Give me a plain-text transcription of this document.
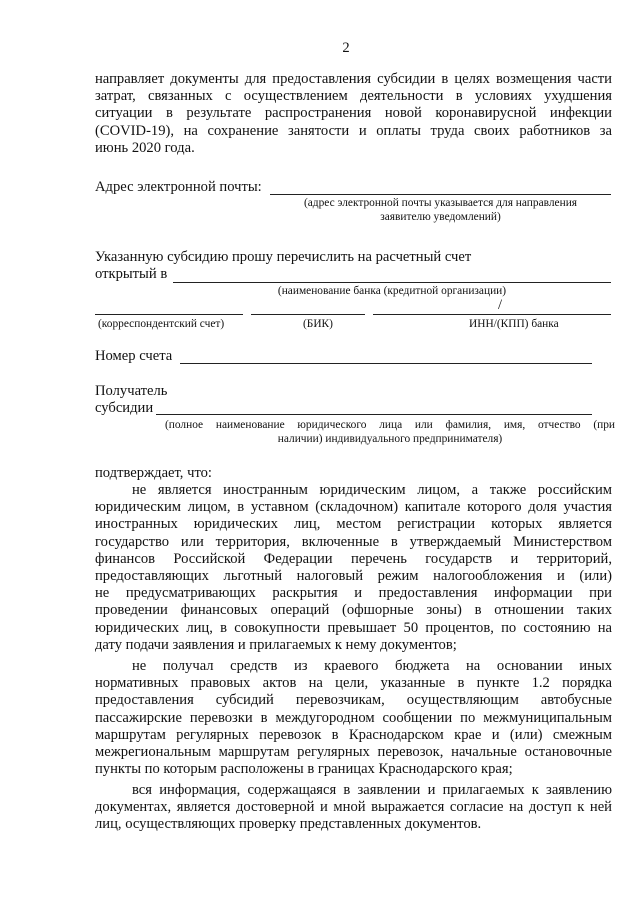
2
направляет документы для предоставления субсидии в целях возмещения части
затрат, связанных с осуществлением деятельности в условиях ухудшения
ситуации в результате распространения новой коронавирусной инфекции
(COVID-19), на сохранение занятости и оплаты труда своих работников за
июнь 2020 года.
Адрес электронной почты:
(адрес электронной почты указывается для направления
заявителю уведомлений)
Указанную субсидию прошу перечислить на расчетный счет
открытый в
(наименование банка (кредитной организации)
/
(корреспондентский счет)	(БИК)	ИНН/(КПП) банка
Номер счета
Получатель
субсидии
(полное наименование юридического лица или фамилия, имя, отчество (при
наличии) индивидуального предпринимателя)
подтверждает, что:
не является иностранным юридическим лицом, а также российским
юридическим лицом, в уставном (складочном) капитале которого доля участия
иностранных юридических лиц, местом регистрации которых является
государство или территория, включенные в утверждаемый Министерством
финансов Российской Федерации перечень государств и территорий,
предоставляющих льготный налоговый режим налогообложения и (или)
не предусматривающих раскрытия и предоставления информации при
проведении финансовых операций (офшорные зоны) в отношении таких
юридических лиц, в совокупности превышает 50 процентов, по состоянию на
дату подачи заявления и прилагаемых к нему документов;
не получал средств из краевого бюджета на основании иных
нормативных правовых актов на цели, указанные в пункте 1.2 порядка
предоставления субсидий перевозчикам, осуществляющим автобусные
пассажирские перевозки в междугородном сообщении по межмуниципальным
маршрутам регулярных перевозок в Краснодарском крае и (или) смежным
межрегиональным маршрутам регулярных перевозок, начальные остановочные
пункты по которым расположены в границах Краснодарского края;
вся информация, содержащаяся в заявлении и прилагаемых к заявлению
документах, является достоверной и мной выражается согласие на доступ к ней
лиц, осуществляющих проверку представленных документов.
